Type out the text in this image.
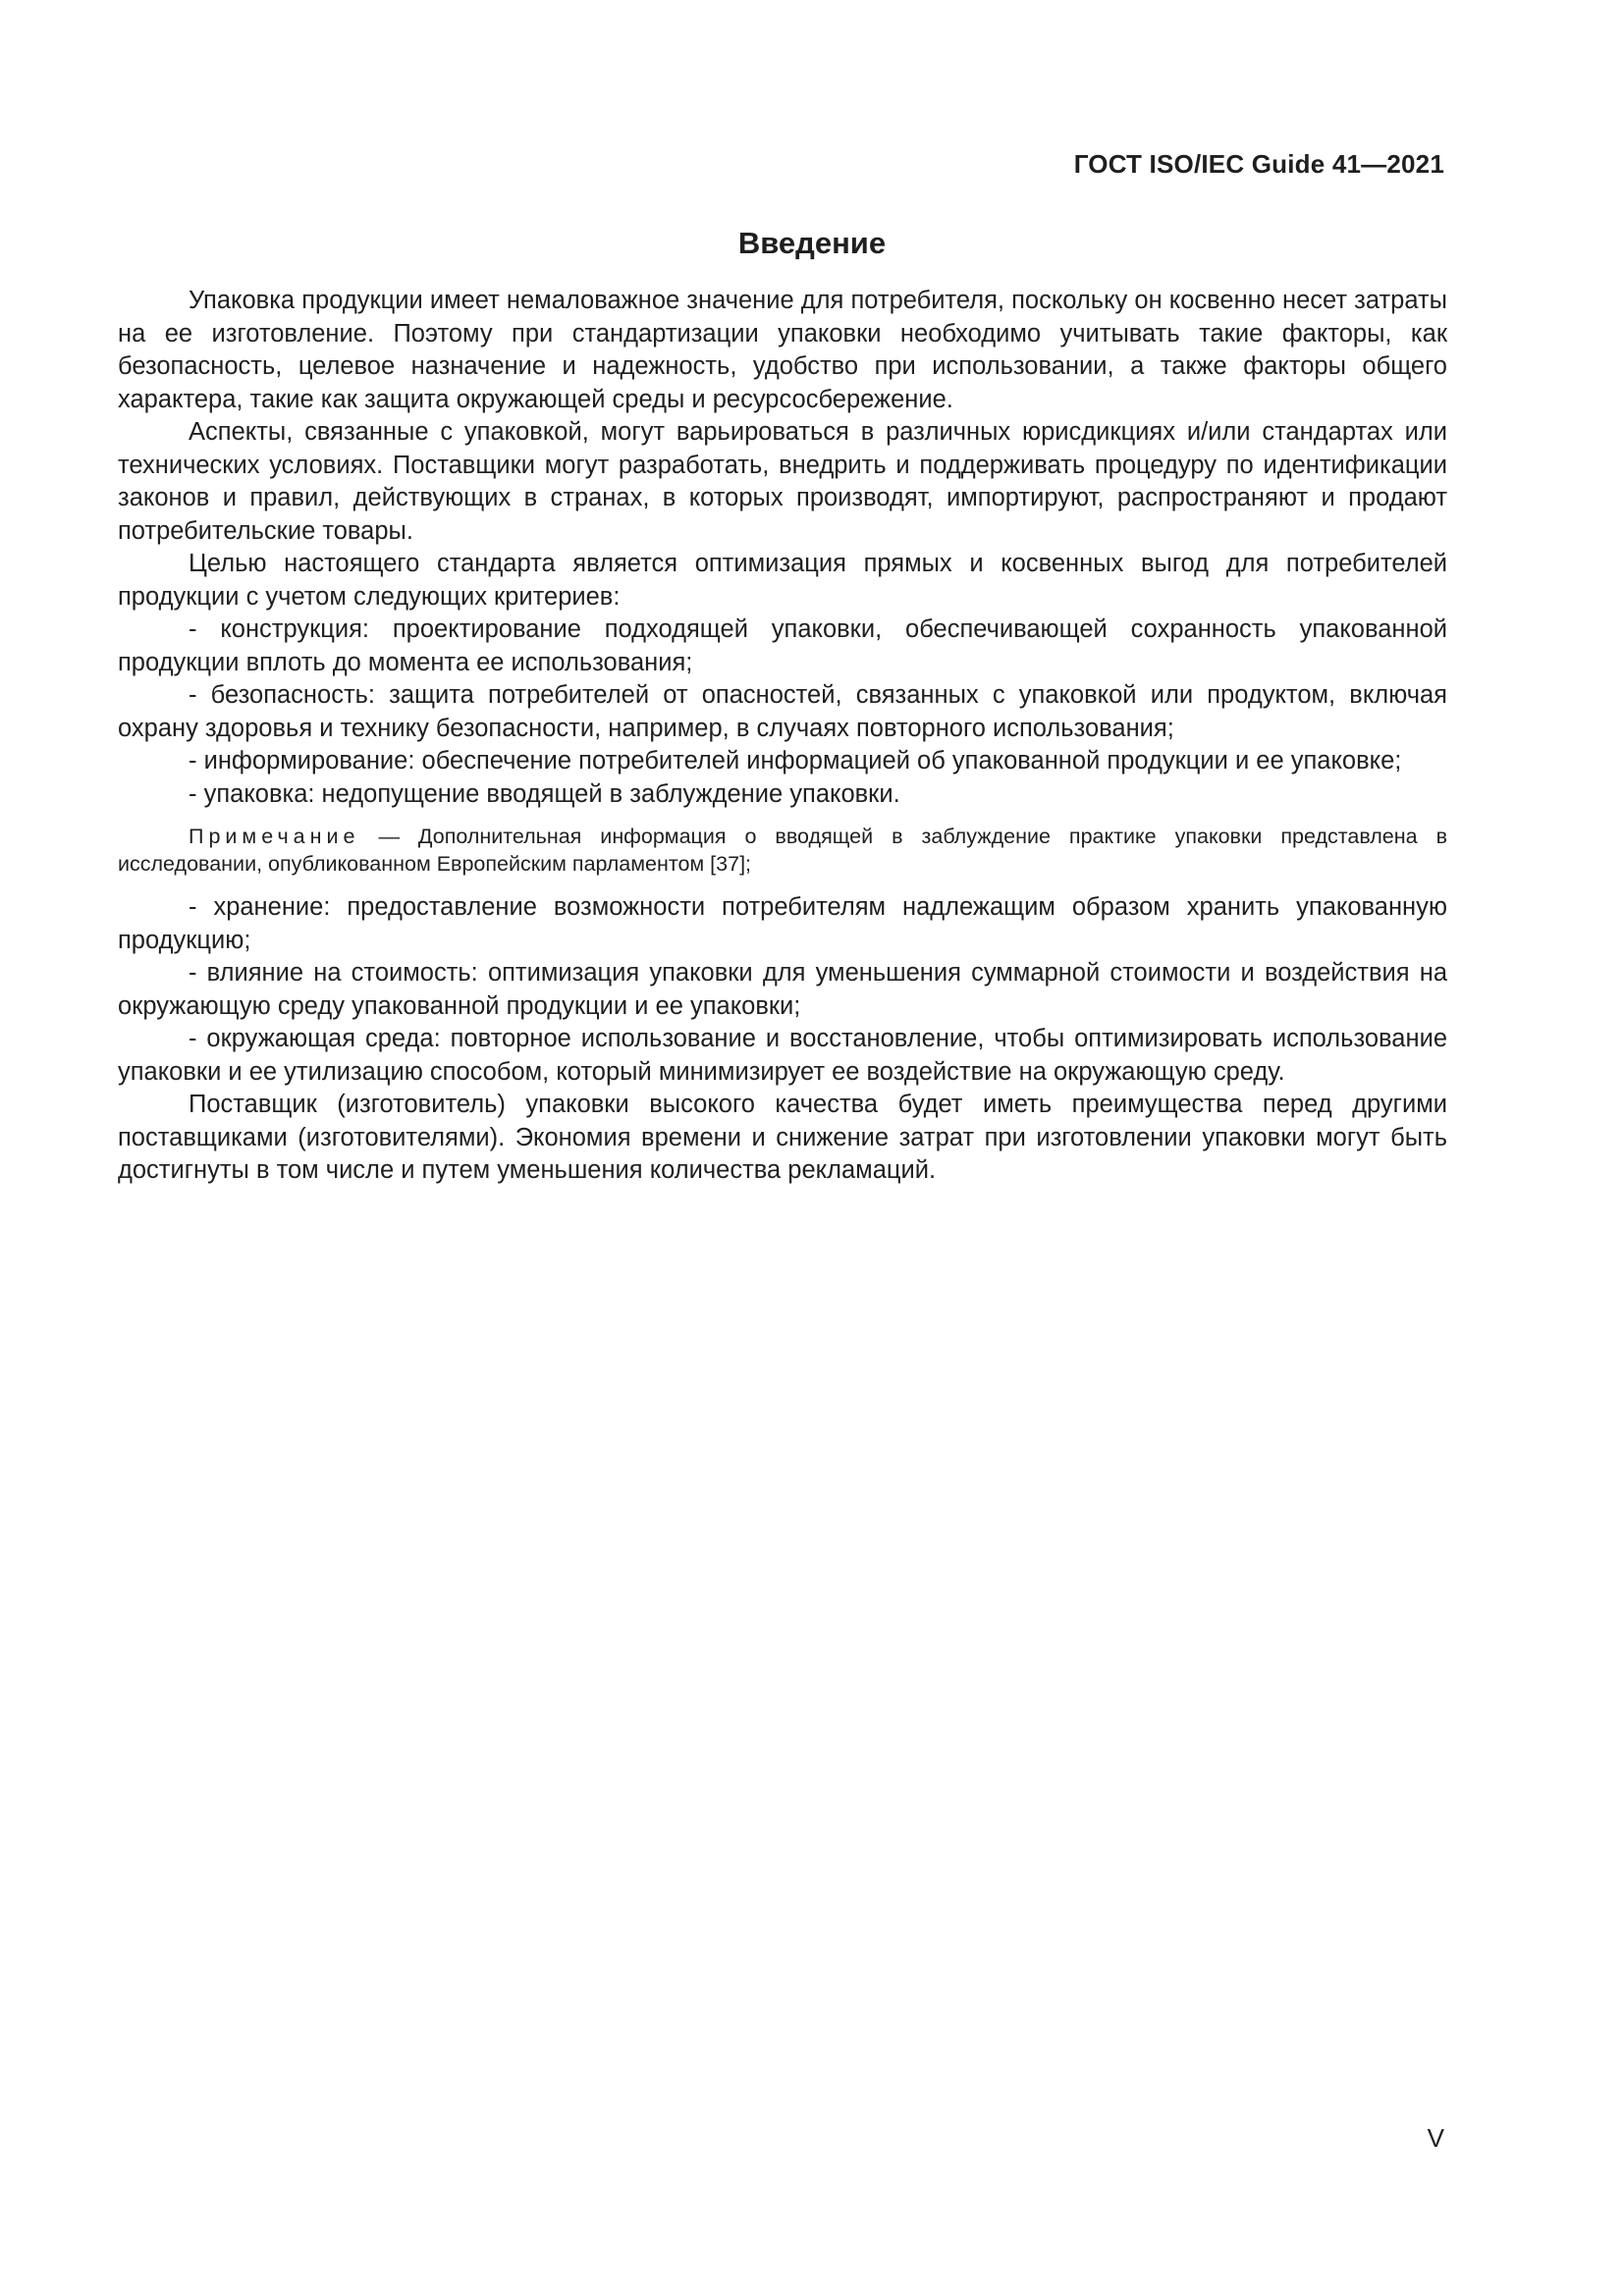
ГОСТ ISO/IEC Guide 41—2021
Введение

Упаковка продукции имеет немаловажное значение для потребителя, поскольку он косвенно несет затраты на ее изготовление. Поэтому при стандартизации упаковки необходимо учитывать такие факторы, как безопасность, целевое назначение и надежность, удобство при использовании, а также факторы общего характера, такие как защита окружающей среды и ресурсосбережение.

Аспекты, связанные с упаковкой, могут варьироваться в различных юрисдикциях и/или стандартах или технических условиях. Поставщики могут разработать, внедрить и поддерживать процедуру по идентификации законов и правил, действующих в странах, в которых производят, импортируют, распространяют и продают потребительские товары.

Целью настоящего стандарта является оптимизация прямых и косвенных выгод для потребителей продукции с учетом следующих критериев:

- конструкция: проектирование подходящей упаковки, обеспечивающей сохранность упакованной продукции вплоть до момента ее использования;

- безопасность: защита потребителей от опасностей, связанных с упаковкой или продуктом, включая охрану здоровья и технику безопасности, например, в случаях повторного использования;

- информирование: обеспечение потребителей информацией об упакованной продукции и ее упаковке;

- упаковка: недопущение вводящей в заблуждение упаковки.

Примечание — Дополнительная информация о вводящей в заблуждение практике упаковки представлена в исследовании, опубликованном Европейским парламентом [37];

- хранение: предоставление возможности потребителям надлежащим образом хранить упакованную продукцию;

- влияние на стоимость: оптимизация упаковки для уменьшения суммарной стоимости и воздействия на окружающую среду упакованной продукции и ее упаковки;

- окружающая среда: повторное использование и восстановление, чтобы оптимизировать использование упаковки и ее утилизацию способом, который минимизирует ее воздействие на окружающую среду.

Поставщик (изготовитель) упаковки высокого качества будет иметь преимущества перед другими поставщиками (изготовителями). Экономия времени и снижение затрат при изготовлении упаковки могут быть достигнуты в том числе и путем уменьшения количества рекламаций.

V
